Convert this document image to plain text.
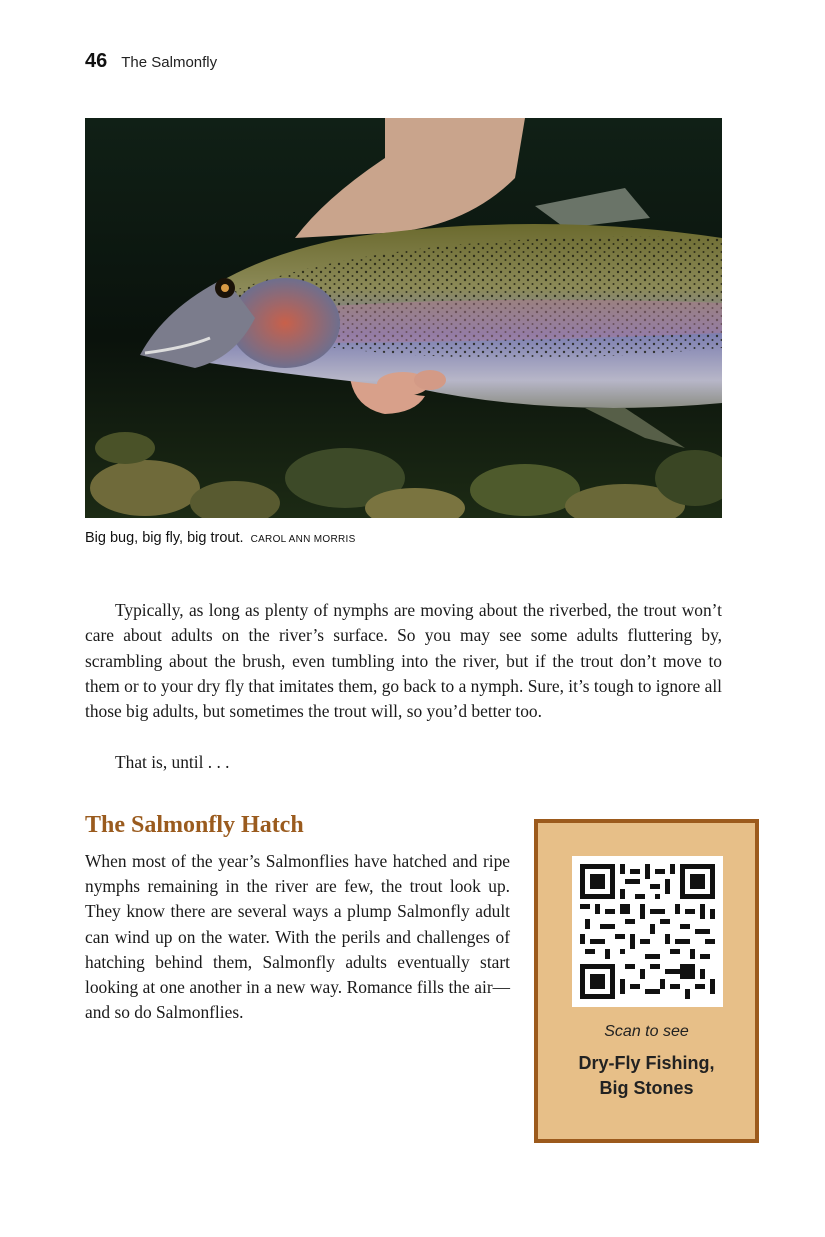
46 The Salmonfly
Big bug, big fly, big trout. CAROL ANN MORRIS

Typically, as long as plenty of nymphs are moving about the riverbed, the trout won’t care about adults on the river’s surface. So you may see some adults fluttering by, scrambling about the brush, even tumbling into the river, but if the trout don’t move to them or to your dry fly that imitates them, go back to a nymph. Sure, it’s tough to ignore all those big adults, but sometimes the trout will, so you’d better too.

That is, until . . .

The Salmonfly Hatch

When most of the year’s Salmonflies have hatched and ripe nymphs remaining in the river are few, the trout look up. They know there are several ways a plump Salmonfly adult can wind up on the water. With the perils and challenges of hatching behind them, Salmonfly adults eventually start looking at one another in a new way. Romance fills the air—and so do Salmonflies.

Scan to see
Dry-Fly Fishing,
Big Stones
